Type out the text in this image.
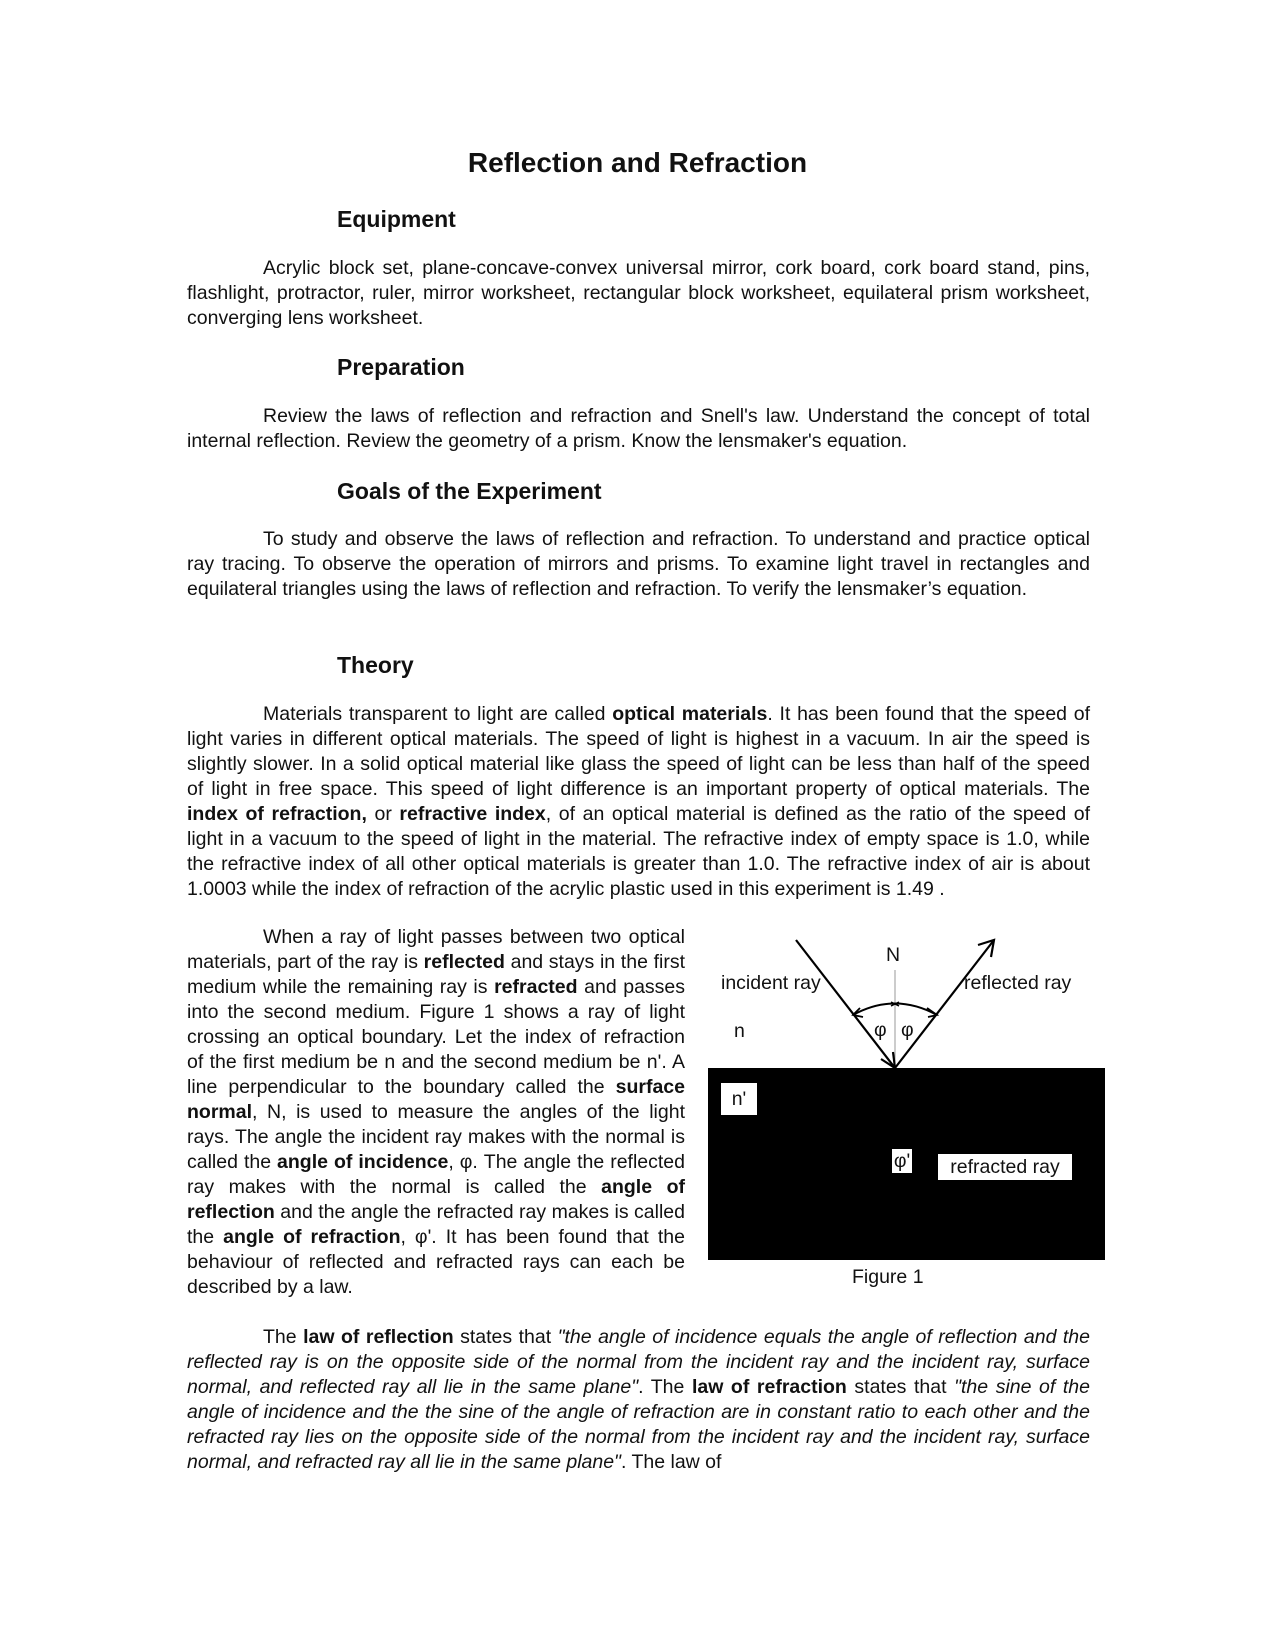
Reflection and Refraction
Equipment

Acrylic block set, plane-concave-convex universal mirror, cork board, cork board stand, pins, flashlight, protractor, ruler, mirror worksheet, rectangular block worksheet, equilateral prism worksheet, converging lens worksheet.

Preparation

Review the laws of reflection and refraction and Snell's law. Understand the concept of total internal reflection. Review the geometry of a prism. Know the lensmaker's equation.

Goals of the Experiment

To study and observe the laws of reflection and refraction. To understand and practice optical ray tracing. To observe the operation of mirrors and prisms. To examine light travel in rectangles and equilateral triangles using the laws of reflection and refraction. To verify the lensmaker’s equation.

Theory

Materials transparent to light are called optical materials. It has been found that the speed of light varies in different optical materials. The speed of light is highest in a vacuum. In air the speed is slightly slower. In a solid optical material like glass the speed of light can be less than half of the speed of light in free space. This speed of light difference is an important property of optical materials. The index of refraction, or refractive index, of an optical material is defined as the ratio of the speed of light in a vacuum to the speed of light in the material. The refractive index of empty space is 1.0, while the refractive index of all other optical materials is greater than 1.0. The refractive index of air is about 1.0003 while the index of refraction of the acrylic plastic used in this experiment is 1.49 .

When a ray of light passes between two optical materials, part of the ray is reflected and stays in the first medium while the remaining ray is refracted and passes into the second medium. Figure 1 shows a ray of light crossing an optical boundary. Let the index of refraction of the first medium be n and the second medium be n'. A line perpendicular to the boundary called the surface normal, N, is used to measure the angles of the light rays. The angle the incident ray makes with the normal is called the angle of incidence, φ. The angle the reflected ray makes with the normal is called the angle of reflection and the angle the refracted ray makes is called the angle of refraction, φ'. It has been found that the behaviour of reflected and refracted rays can each be described by a law.

The law of reflection states that "the angle of incidence equals the angle of reflection and the reflected ray is on the opposite side of the normal from the incident ray and the incident ray, surface normal, and reflected ray all lie in the same plane". The law of refraction states that "the sine of the angle of incidence and the the sine of the angle of refraction are in constant ratio to each other and the refracted ray lies on the opposite side of the normal from the incident ray and the incident ray, surface normal, and refracted ray all lie in the same plane". The law of

N
incident ray	reflected ray
φ φ
n
n'
φ'	refracted ray
Figure 1
